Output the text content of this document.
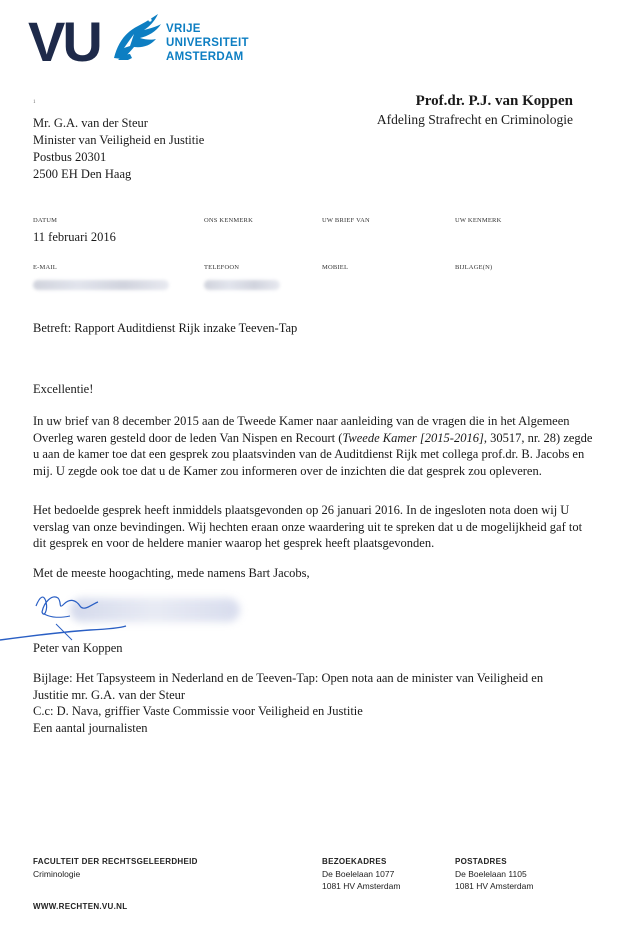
VU	VRIJE
UNIVERSITEIT
AMSTERDAM
1
Mr. G.A. van der Steur
Minister van Veiligheid en Justitie
Postbus 20301
2500 EH Den Haag
Prof.dr. P.J. van Koppen
Afdeling Strafrecht en Criminologie
DATUM	ONS KENMERK	UW BRIEF VAN	UW KENMERK
11 februari 2016
E-MAIL	TELEFOON	MOBIEL	BIJLAGE(N)
Betreft: Rapport Auditdienst Rijk inzake Teeven-Tap
Excellentie!

In uw brief van 8 december 2015 aan de Tweede Kamer naar aanleiding van de vragen die in het Algemeen Overleg waren gesteld door de leden Van Nispen en Recourt (Tweede Kamer [2015-2016], 30517, nr. 28) zegde u aan de kamer toe dat een gesprek zou plaatsvinden van de Auditdienst Rijk met collega prof.dr. B. Jacobs en mij. U zegde ook toe dat u de Kamer zou informeren over de inzichten die dat gesprek zou opleveren.

Het bedoelde gesprek heeft inmiddels plaatsgevonden op 26 januari 2016. In de ingesloten nota doen wij U verslag van onze bevindingen. Wij hechten eraan onze waardering uit te spreken dat u de mogelijkheid gaf tot dit gesprek en voor de heldere manier waarop het gesprek heeft plaatsgevonden.
Met de meeste hoogachting, mede namens Bart Jacobs,
Peter van Koppen
Bijlage: Het Tapsysteem in Nederland en de Teeven-Tap: Open nota aan de minister van Veiligheid en
Justitie mr. G.A. van der Steur
C.c: D. Nava, griffier Vaste Commissie voor Veiligheid en Justitie
Een aantal journalisten
FACULTEIT DER RECHTSGELEERDHEID
Criminologie
BEZOEKADRES
De Boelelaan 1077
1081 HV Amsterdam
POSTADRES
De Boelelaan 1105
1081 HV Amsterdam
WWW.RECHTEN.VU.NL
